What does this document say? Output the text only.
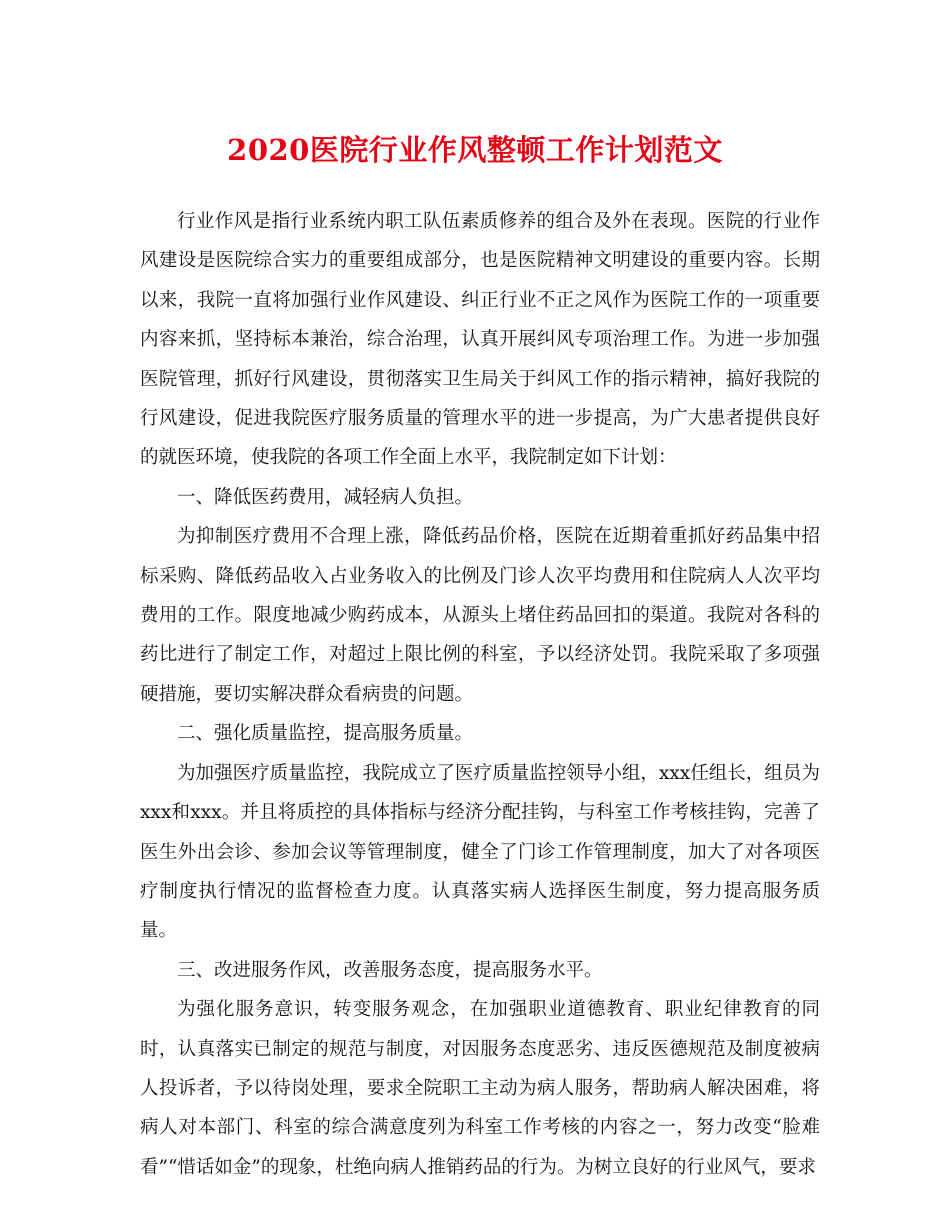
2020医院行业作风整顿工作计划范文

行业作风是指行业系统内职工队伍素质修养的组合及外在表现。医院的行业作风建设是医院综合实力的重要组成部分，也是医院精神文明建设的重要内容。长期以来，我院一直将加强行业作风建设、纠正行业不正之风作为医院工作的一项重要内容来抓，坚持标本兼治，综合治理，认真开展纠风专项治理工作。为进一步加强医院管理，抓好行风建设，贯彻落实卫生局关于纠风工作的指示精神，搞好我院的行风建设，促进我院医疗服务质量的管理水平的进一步提高，为广大患者提供良好的就医环境，使我院的各项工作全面上水平，我院制定如下计划：

一、降低医药费用，减轻病人负担。

为抑制医疗费用不合理上涨，降低药品价格，医院在近期着重抓好药品集中招标采购、降低药品收入占业务收入的比例及门诊人次平均费用和住院病人人次平均费用的工作。限度地减少购药成本，从源头上堵住药品回扣的渠道。我院对各科的药比进行了制定工作，对超过上限比例的科室，予以经济处罚。我院采取了多项强硬措施，要切实解决群众看病贵的问题。

二、强化质量监控，提高服务质量。

为加强医疗质量监控，我院成立了医疗质量监控领导小组，xxx任组长，组员为xxx和xxx。并且将质控的具体指标与经济分配挂钩，与科室工作考核挂钩，完善了医生外出会诊、参加会议等管理制度，健全了门诊工作管理制度，加大了对各项医疗制度执行情况的监督检查力度。认真落实病人选择医生制度，努力提高服务质量。

三、改进服务作风，改善服务态度，提高服务水平。

为强化服务意识，转变服务观念，在加强职业道德教育、职业纪律教育的同时，认真落实已制定的规范与制度，对因服务态度恶劣、违反医德规范及制度被病人投诉者，予以待岗处理，要求全院职工主动为病人服务，帮助病人解决困难，将病人对本部门、科室的综合满意度列为科室工作考核的内容之一，努力改变“脸难看”“惜话如金”的现象，杜绝向病人推销药品的行为。为树立良好的行业风气，要求
